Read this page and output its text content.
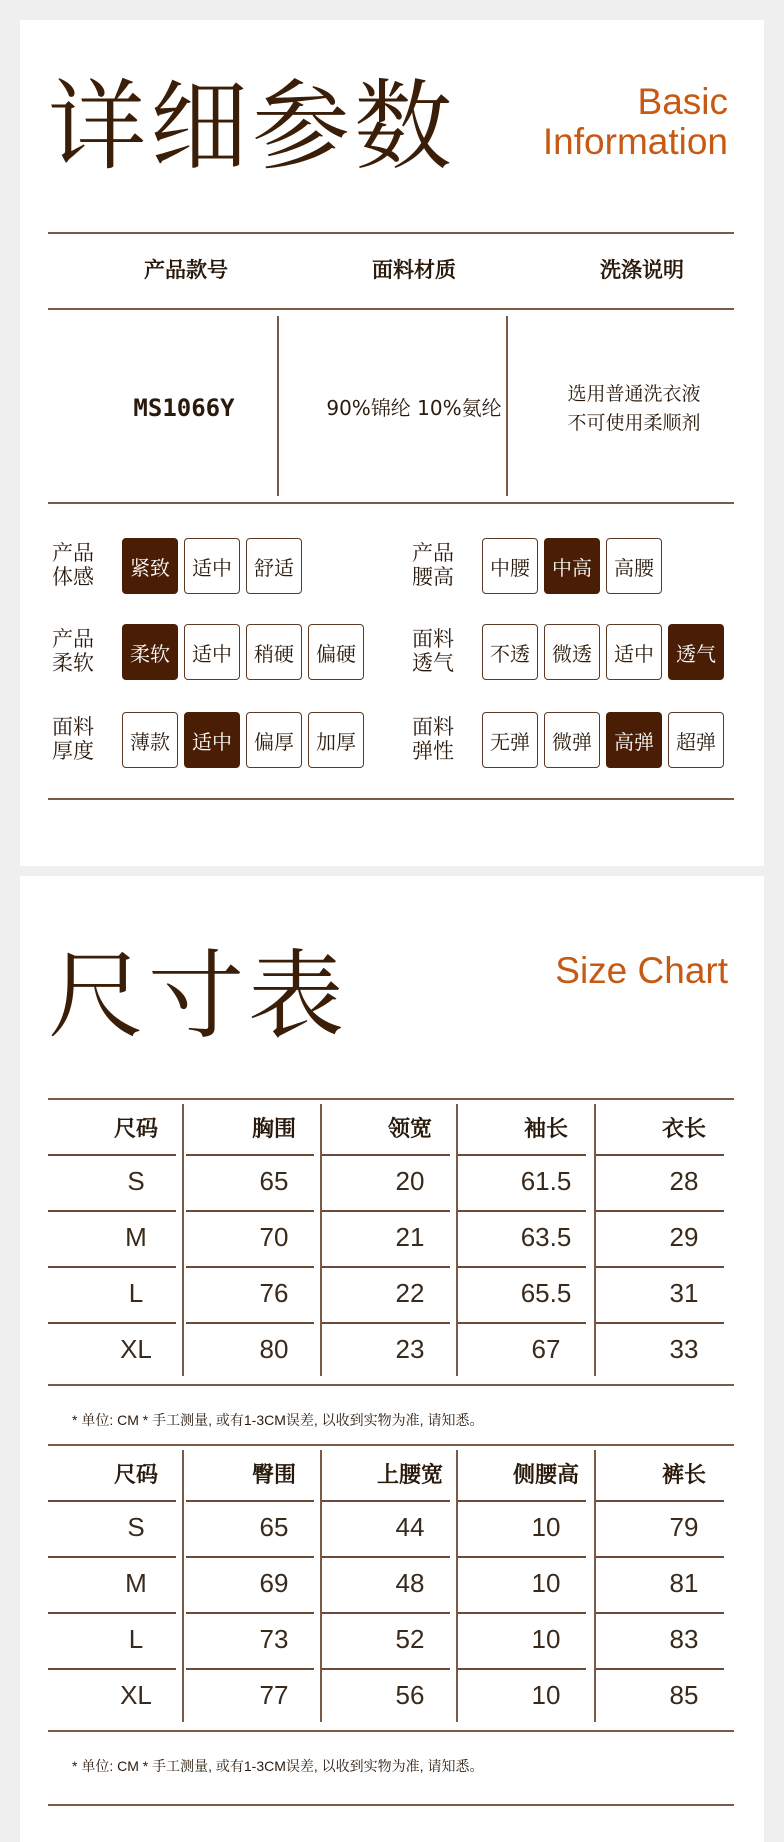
详细参数	Basic
Information
产品款号	面料材质	洗涤说明
MS1066Y	90%锦纶 10%氨纶
选用普通洗衣液
不可使用柔顺剂
产品
体感	紧致	适中	舒适
产品
腰高	中腰	中高	高腰
产品
柔软	柔软	适中	稍硬	偏硬
面料
透气	不透	微透	适中	透气
面料
厚度	薄款	适中	偏厚	加厚
面料
弹性	无弹	微弹	高弹	超弹
尺寸表	Size Chart
尺码	胸围	领宽	袖长	衣长
S	65	20	61.5	28
M	70	21	63.5	29
L	76	22	65.5	31
XL	80	23	67	33
* 单位: CM * 手工测量, 或有1-3CM误差, 以收到实物为准, 请知悉。
尺码	臀围	上腰宽	侧腰高	裤长
S	65	44	10	79
M	69	48	10	81
L	73	52	10	83
XL	77	56	10	85
* 单位: CM * 手工测量, 或有1-3CM误差, 以收到实物为准, 请知悉。
